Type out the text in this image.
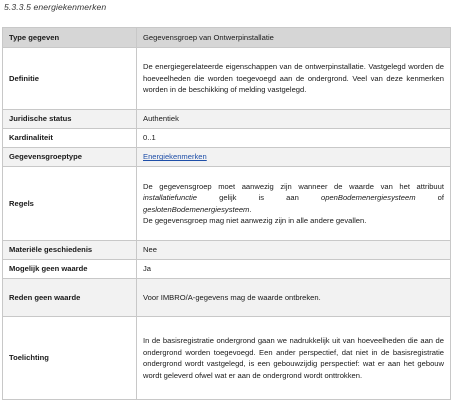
5.3.3.5 energiekenmerken
Type gegeven	Gegevensgroep van Ontwerpinstallatie
Definitie	De energiegerelateerde eigenschappen van de ontwerpinstallatie. Vastgelegd worden de hoeveelheden die worden toegevoegd aan de ondergrond. Veel van deze kenmerken worden in de beschikking of melding vastgelegd.
Juridische status	Authentiek
Kardinaliteit	0..1
Gegevensgroeptype	Energiekenmerken
Regels	De gegevensgroep moet aanwezig zijn wanneer de waarde van het attribuut installatiefunctie gelijk is aan openBodemenergiesysteem of geslotenBodemenergiesysteem.

De gegevensgroep mag niet aanwezig zijn in alle andere gevallen.

Materiële geschiedenis	Nee
Mogelijk geen waarde	Ja
Reden geen waarde	Voor IMBRO/A-gegevens mag de waarde ontbreken.
Toelichting	In de basisregistratie ondergrond gaan we nadrukkelijk uit van hoeveelheden die aan de ondergrond worden toegevoegd. Een ander perspectief, dat niet in de basisregistratie ondergrond wordt vastgelegd, is een gebouwzijdig perspectief: wat er aan het gebouw wordt geleverd ofwel wat er aan de ondergrond wordt onttrokken.
